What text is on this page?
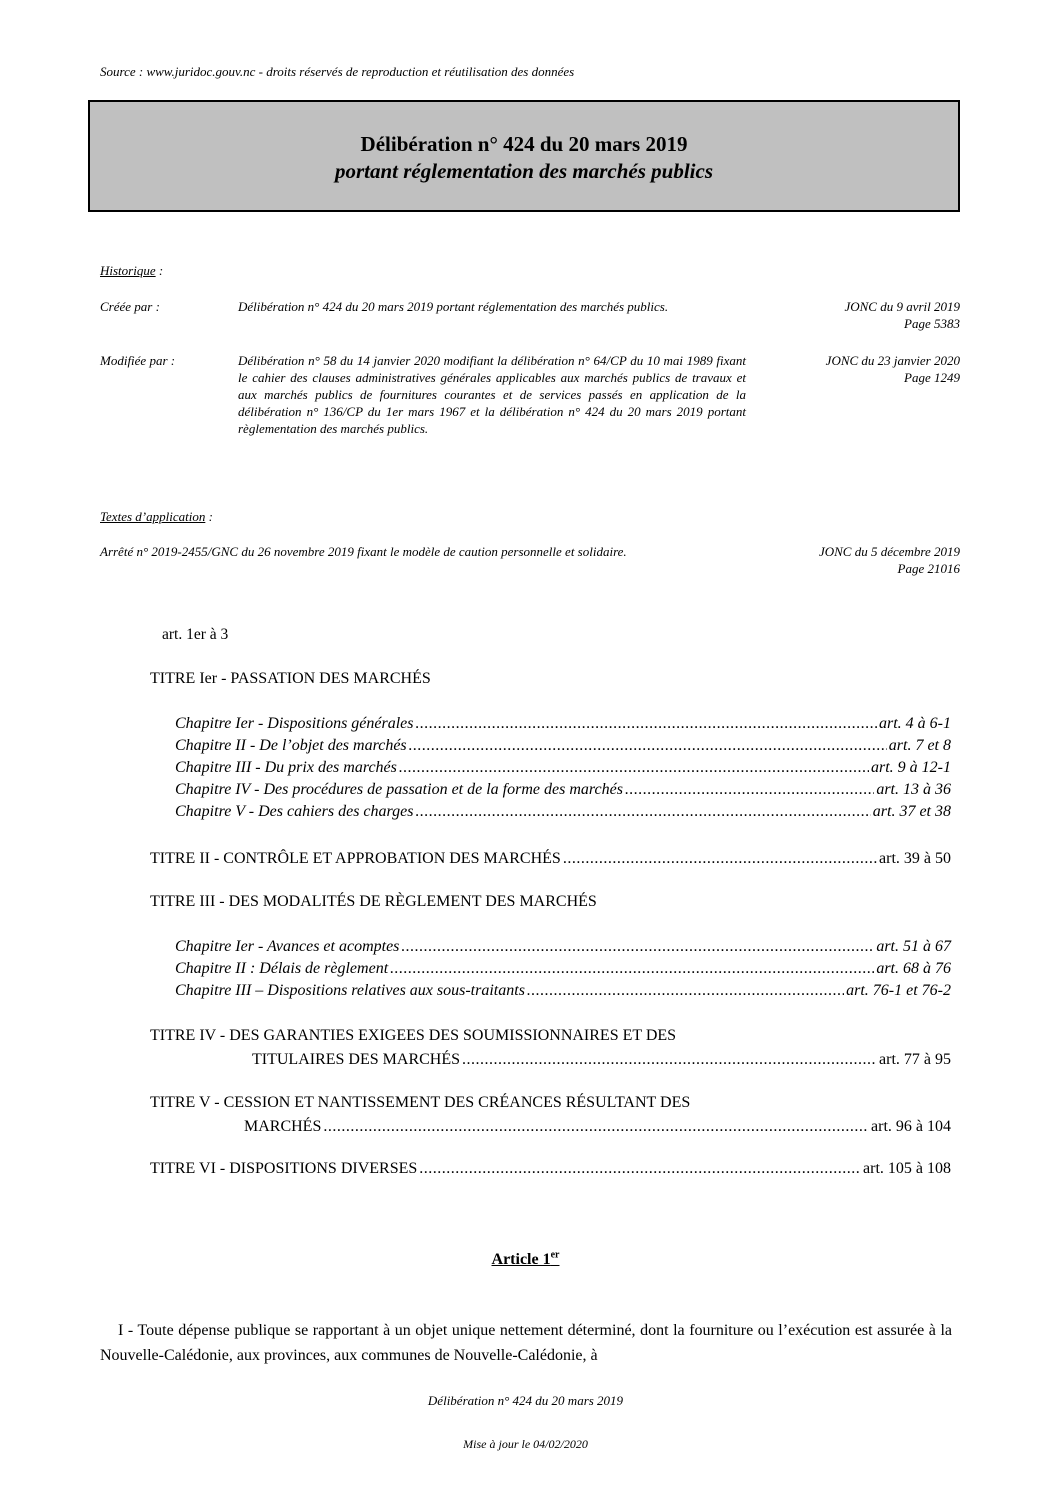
Source : www.juridoc.gouv.nc - droits réservés de reproduction et réutilisation des données
Délibération n° 424 du 20 mars 2019
portant réglementation des marchés publics
Historique :
Créée par :	Délibération n° 424 du 20 mars 2019 portant réglementation des marchés publics.	JONC du 9 avril 2019
Page 5383
Modifiée par :	Délibération n° 58 du 14 janvier 2020 modifiant la délibération n° 64/CP du 10 mai 1989 fixant le cahier des clauses administratives générales applicables aux marchés publics de travaux et aux marchés publics de fournitures courantes et de services passés en application de la délibération n° 136/CP du 1er mars 1967 et la délibération n° 424 du 20 mars 2019 portant règlementation des marchés publics.
JONC du 23 janvier 2020
Page 1249
Textes d’application :
Arrêté n° 2019-2455/GNC du 26 novembre 2019 fixant le modèle de caution personnelle et solidaire.	JONC du 5 décembre 2019
Page 21016
art. 1er à 3
TITRE Ier - PASSATION DES MARCHÉS
Chapitre Ier - Dispositions générales .....	art. 4 à 6-1
Chapitre II - De l’objet des marchés .....	art. 7 et 8
Chapitre III - Du prix des marchés .....	art. 9 à 12-1
Chapitre IV - Des procédures de passation et de la forme des marchés .....	art. 13 à 36
Chapitre V - Des cahiers des charges .....	art. 37 et 38
TITRE II - CONTRÔLE ET APPROBATION DES MARCHÉS .....	art. 39 à 50
TITRE III - DES MODALITÉS DE RÈGLEMENT DES MARCHÉS
Chapitre Ier - Avances et acomptes .....	art. 51 à 67
Chapitre II : Délais de règlement .....	art. 68 à 76
Chapitre III – Dispositions relatives aux sous-traitants .....	art. 76-1 et 76-2
TITRE IV - DES GARANTIES EXIGEES DES SOUMISSIONNAIRES ET DES
TITULAIRES DES MARCHÉS .....	art. 77 à 95
TITRE V - CESSION ET NANTISSEMENT DES CRÉANCES RÉSULTANT DES
MARCHÉS .....	art. 96 à 104
TITRE VI - DISPOSITIONS DIVERSES .....	art. 105 à 108
Article 1er
I - Toute dépense publique se rapportant à un objet unique nettement déterminé, dont la fourniture ou l’exécution est assurée à la Nouvelle-Calédonie, aux provinces, aux communes de Nouvelle-Calédonie, à
Délibération n° 424 du 20 mars 2019
Mise à jour le 04/02/2020
